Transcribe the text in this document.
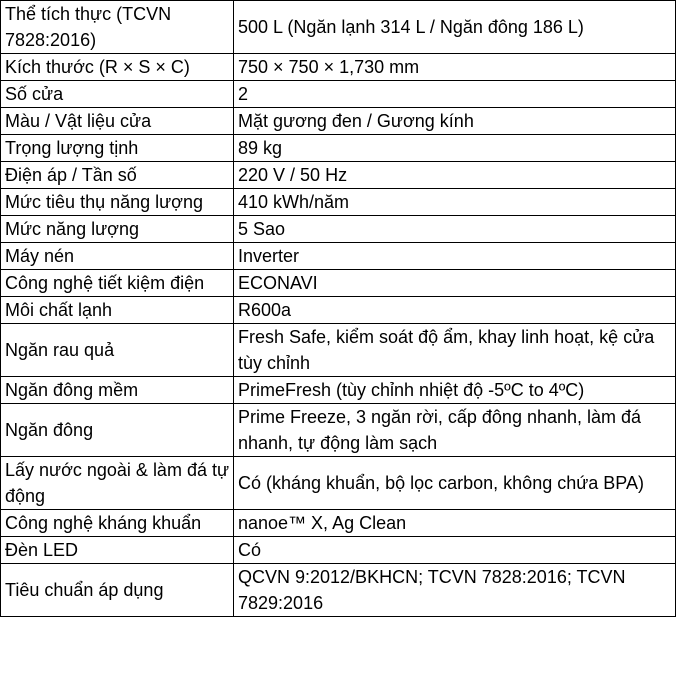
Thể tích thực (TCVN 7828:2016)	500 L (Ngăn lạnh 314 L / Ngăn đông 186 L)
Kích thước (R × S × C)	750 × 750 × 1,730 mm
Số cửa	2
Màu / Vật liệu cửa	Mặt gương đen / Gương kính
Trọng lượng tịnh	89 kg
Điện áp / Tần số	220 V / 50 Hz
Mức tiêu thụ năng lượng	410 kWh/năm
Mức năng lượng	5 Sao
Máy nén	Inverter
Công nghệ tiết kiệm điện	ECONAVI
Môi chất lạnh	R600a
Ngăn rau quả	Fresh Safe, kiểm soát độ ẩm, khay linh hoạt, kệ cửa tùy chỉnh
Ngăn đông mềm	PrimeFresh (tùy chỉnh nhiệt độ -5ºC to 4ºC)
Ngăn đông	Prime Freeze, 3 ngăn rời, cấp đông nhanh, làm đá nhanh, tự động làm sạch
Lấy nước ngoài & làm đá tự động	Có (kháng khuẩn, bộ lọc carbon, không chứa BPA)
Công nghệ kháng khuẩn	nanoe™ X, Ag Clean
Đèn LED	Có
Tiêu chuẩn áp dụng	QCVN 9:2012/BKHCN; TCVN 7828:2016; TCVN 7829:2016
